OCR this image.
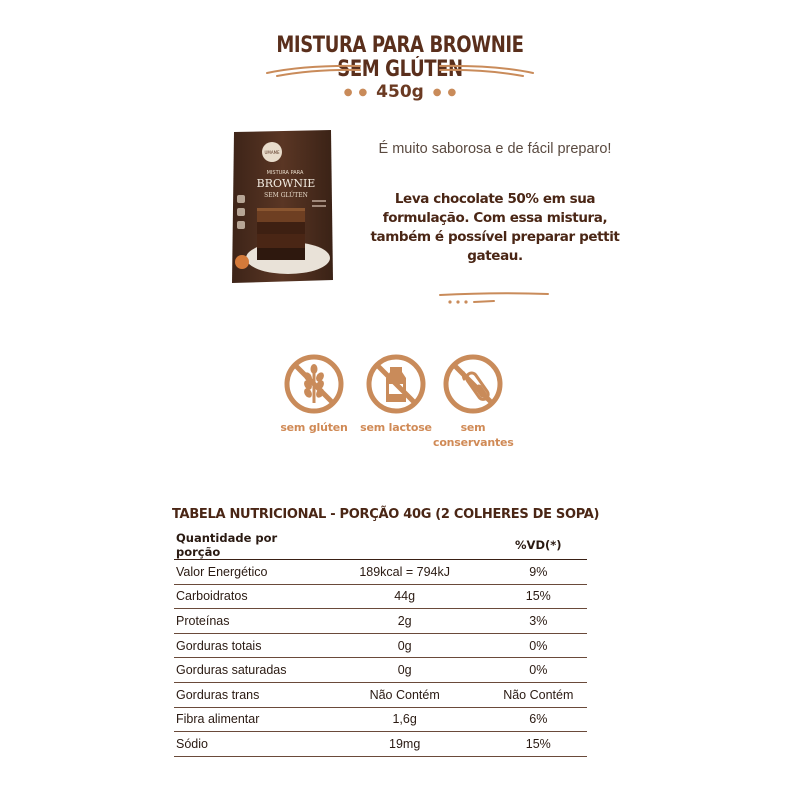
MISTURA PARA BROWNIE
SEM GLÚTEN
● ● 450g ● ●
UMAME
MISTURA PARA
BROWNIE
SEM GLÚTEN
É muito saborosa e de fácil preparo!
Leva chocolate 50% em sua formulação. Com essa mistura, também é possível preparar pettit gateau.
sem glúten	sem lactose	sem conservantes
TABELA NUTRICIONAL - PORÇÃO 40G (2 COLHERES DE SOPA)
Quantidade por porção		%VD(*)
Valor Energético	189kcal = 794kJ	9%
Carboidratos	44g	15%
Proteínas	2g	3%
Gorduras totais	0g	0%
Gorduras saturadas	0g	0%
Gorduras trans	Não Contém	Não Contém
Fibra alimentar	1,6g	6%
Sódio	19mg	15%
